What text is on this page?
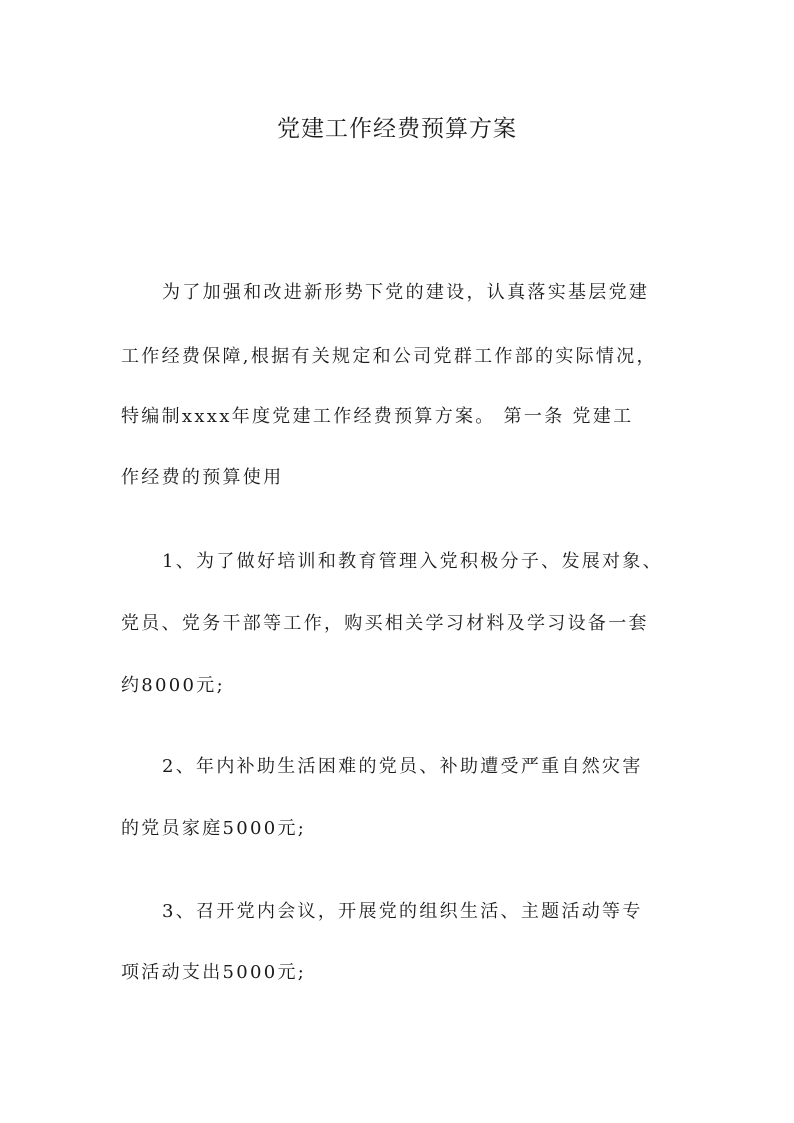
党建工作经费预算方案
为了加强和改进新形势下党的建设，认真落实基层党建
工作经费保障,根据有关规定和公司党群工作部的实际情况，
特编制xxxx年度党建工作经费预算方案。 第一条 党建工
作经费的预算使用
1、为了做好培训和教育管理入党积极分子、发展对象、
党员、党务干部等工作，购买相关学习材料及学习设备一套
约8000元;
2、年内补助生活困难的党员、补助遭受严重自然灾害
的党员家庭5000元;
3、召开党内会议，开展党的组织生活、主题活动等专
项活动支出5000元;
